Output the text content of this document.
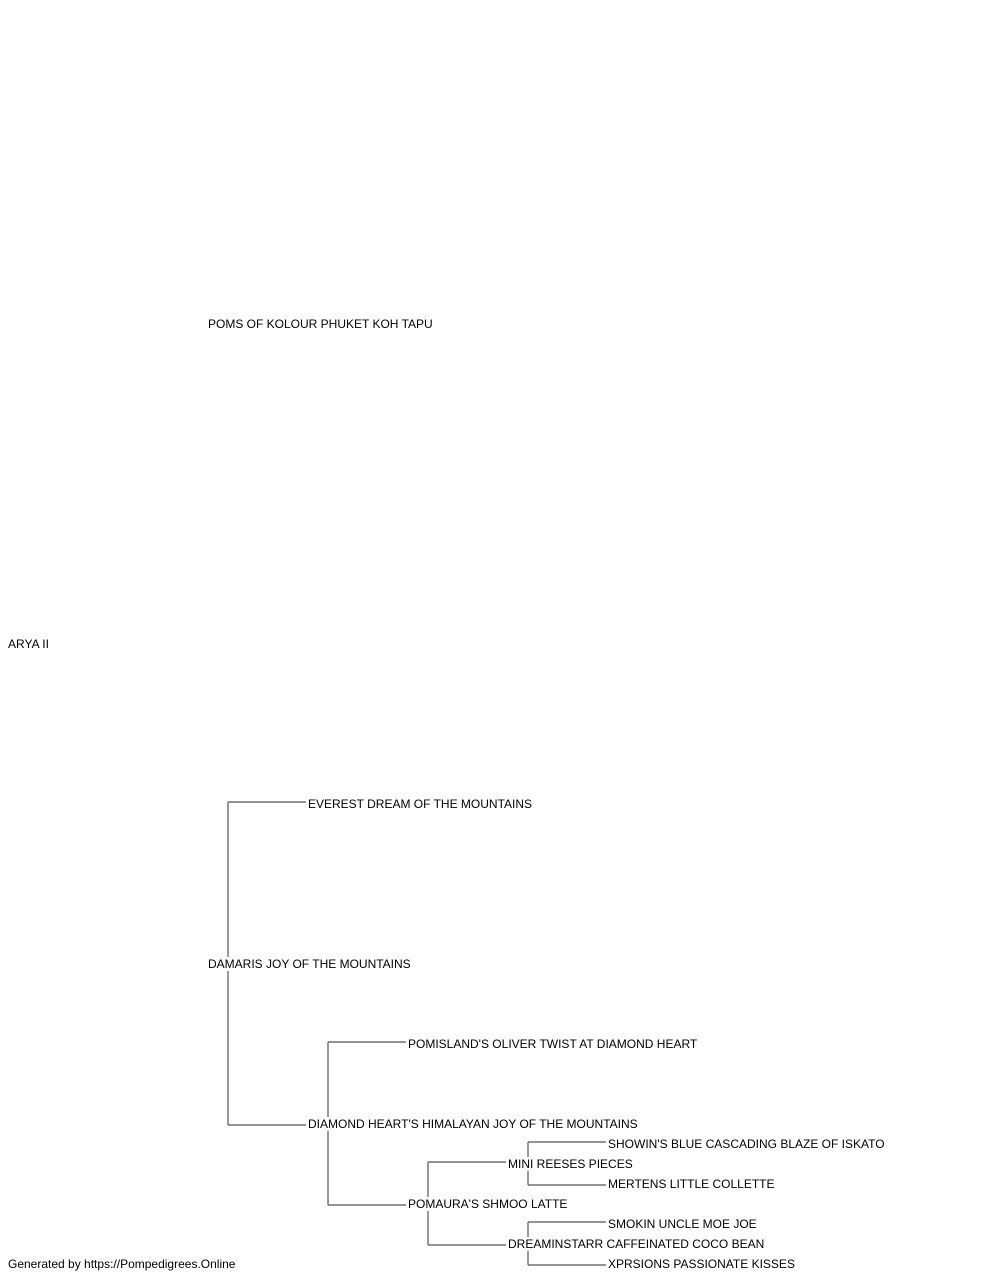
POMS OF KOLOUR PHUKET KOH TAPU
ARYA II
EVEREST DREAM OF THE MOUNTAINS
DAMARIS JOY OF THE MOUNTAINS
POMISLAND'S OLIVER TWIST AT DIAMOND HEART
DIAMOND HEART'S HIMALAYAN JOY OF THE MOUNTAINS
SHOWIN'S BLUE CASCADING BLAZE OF ISKATO
MINI REESES PIECES
MERTENS LITTLE COLLETTE
POMAURA'S SHMOO LATTE
SMOKIN UNCLE MOE JOE
DREAMINSTARR CAFFEINATED COCO BEAN
XPRSIONS PASSIONATE KISSES
Generated by https://Pompedigrees.Online
